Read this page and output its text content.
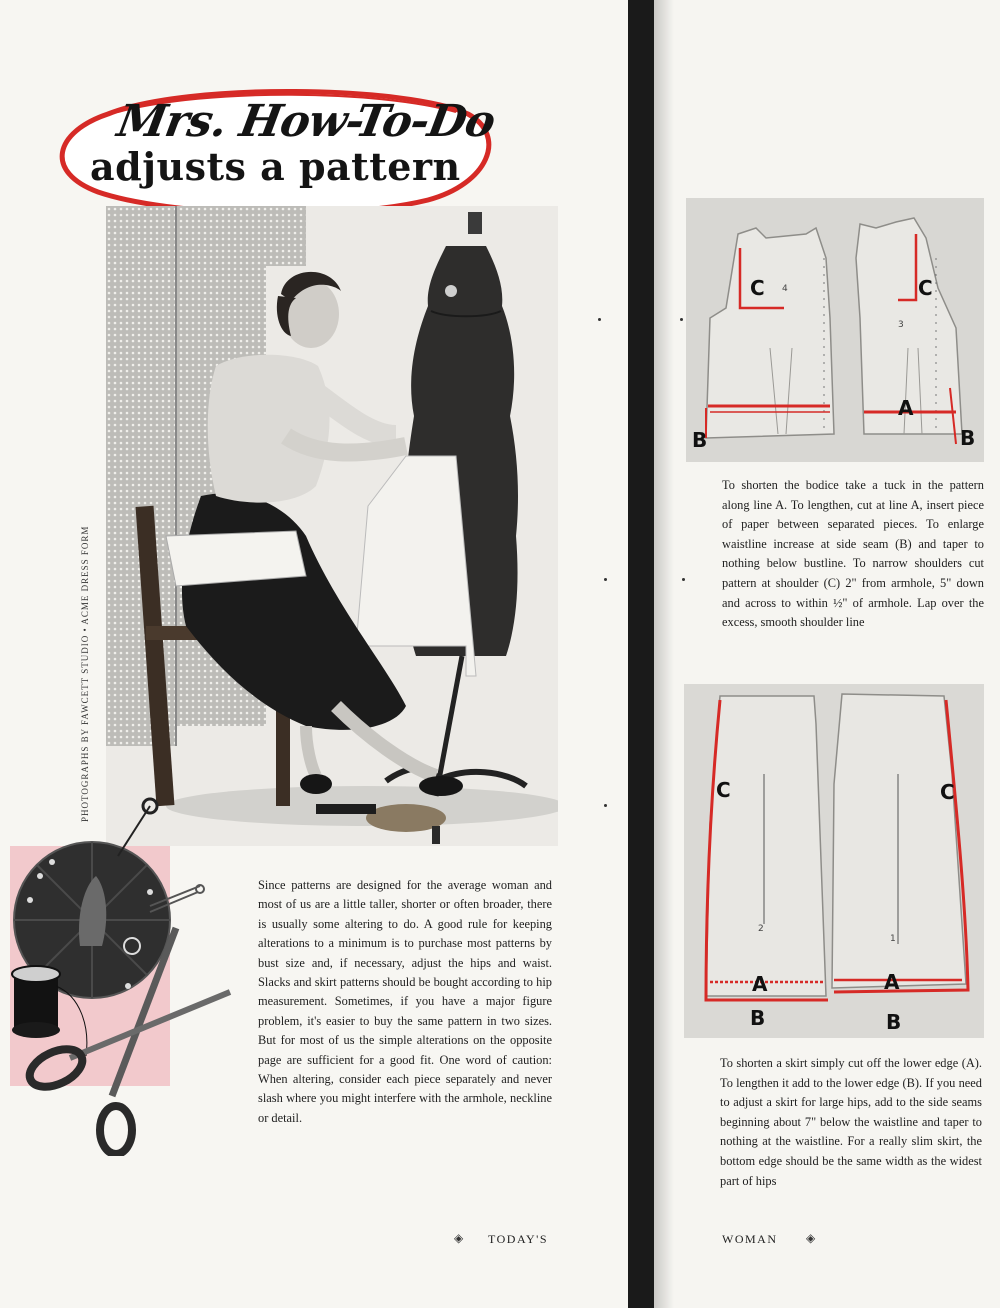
Mrs. How-To-Do
adjusts a pattern
PHOTOGRAPHS BY FAWCETT STUDIO • ACME DRESS FORM
Since patterns are designed for the average woman and most of us are a little taller, shorter or often broader, there is usually some altering to do. A good rule for keeping alterations to a minimum is to purchase most patterns by bust size and, if necessary, adjust the hips and waist. Slacks and skirt patterns should be bought according to hip measurement. Sometimes, if you have a major figure problem, it's easier to buy the same pattern in two sizes. But for most of us the simple alterations on the opposite page are sufficient for a good fit. One word of caution: When altering, consider each piece separately and never slash where you might interfere with the armhole, neckline or detail.
◈ TODAY'S
C	C
A
B	B
4
3
To shorten the bodice take a tuck in the pattern along line A. To lengthen, cut at line A, insert piece of paper between separated pieces. To enlarge waistline increase at side seam (B) and taper to nothing below bustline. To narrow shoulders cut pattern at shoulder (C) 2" from armhole, 5" down and across to within ½" of armhole. Lap over the excess, smooth shoulder line
C	C
A	A
B	B
2
1
To shorten a skirt simply cut off the lower edge (A). To lengthen it add to the lower edge (B). If you need to adjust a skirt for large hips, add to the side seams beginning about 7" below the waistline and taper to nothing at the waistline. For a really slim skirt, the bottom edge should be the same width as the widest part of hips
WOMAN ◈
